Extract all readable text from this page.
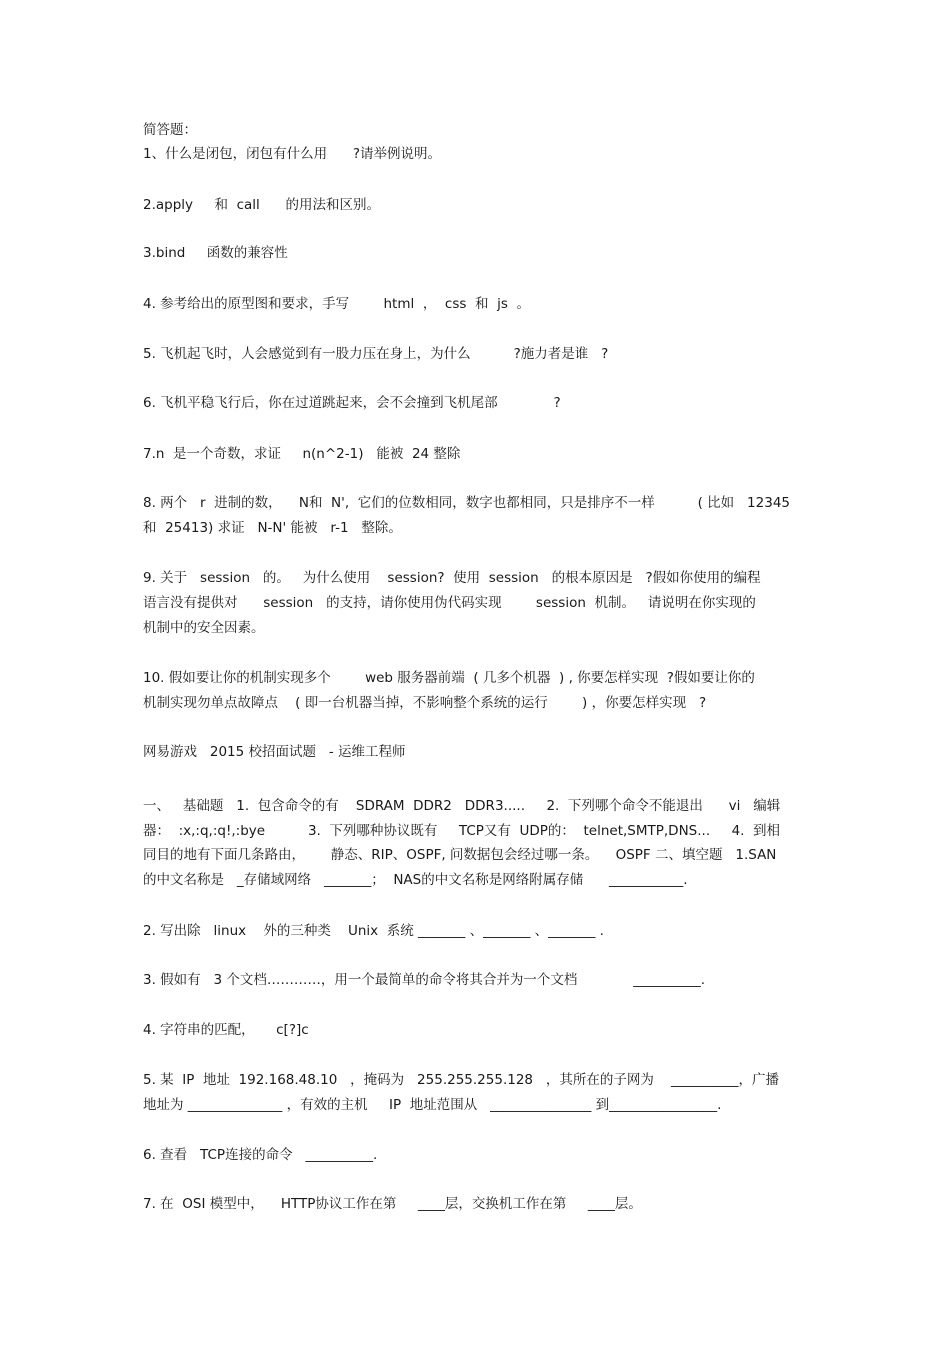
简答题：
1、什么是闭包，闭包有什么用      ?请举例说明。
2.apply     和  call      的用法和区别。
3.bind     函数的兼容性
4. 参考给出的原型图和要求，手写        html  ，  css  和  js  。
5. 飞机起飞时，人会感觉到有一股力压在身上，为什么          ?施力者是谁   ?
6. 飞机平稳飞行后，你在过道跳起来，会不会撞到飞机尾部             ?
7.n  是一个奇数，求证     n(n^2-1)   能被  24 整除
8. 两个   r  进制的数，    N和  N',  它们的位数相同，数字也都相同，只是排序不一样          ( 比如   12345
和  25413) 求证   N-N' 能被   r-1   整除。
9. 关于   session   的。   为什么使用    session?  使用  session   的根本原因是   ?假如你使用的编程
语言没有提供对      session   的支持，请你使用伪代码实现        session  机制。   请说明在你实现的
机制中的安全因素。
10. 假如要让你的机制实现多个        web 服务器前端  ( 几多个机器  ) , 你要怎样实现  ?假如要让你的
机制实现勿单点故障点    ( 即一台机器当掉，不影响整个系统的运行        ) ，你要怎样实现   ?
网易游戏   2015 校招面试题   - 运维工程师
一、   基础题   1.  包含命令的有    SDRAM  DDR2   DDR3.....     2.  下列哪个命令不能退出      vi   编辑
器：  :x,:q,:q!,:bye          3.  下列哪种协议既有     TCP又有  UDP的：  telnet,SMTP,DNS...     4.  到相
同目的地有下面几条路由，      静态、RIP、OSPF, 问数据包会经过哪一条。    OSPF 二、填空题   1.SAN
的中文名称是   _存储域网络   _______；  NAS的中文名称是网络附属存储      ___________.
2. 写出除   linux    外的三种类    Unix  系统 _______ 、_______ 、_______ .
3. 假如有   3 个文档…………，用一个最简单的命令将其合并为一个文档             __________.
4. 字符串的匹配，     c[?]c
5. 某  IP  地址  192.168.48.10   ，掩码为   255.255.255.128   ，其所在的子网为    __________，广播
地址为 ______________ ，有效的主机     IP  地址范围从   _______________ 到________________.
6. 查看   TCP连接的命令   __________.
7. 在  OSI 模型中，    HTTP协议工作在第     ____层，交换机工作在第     ____层。
